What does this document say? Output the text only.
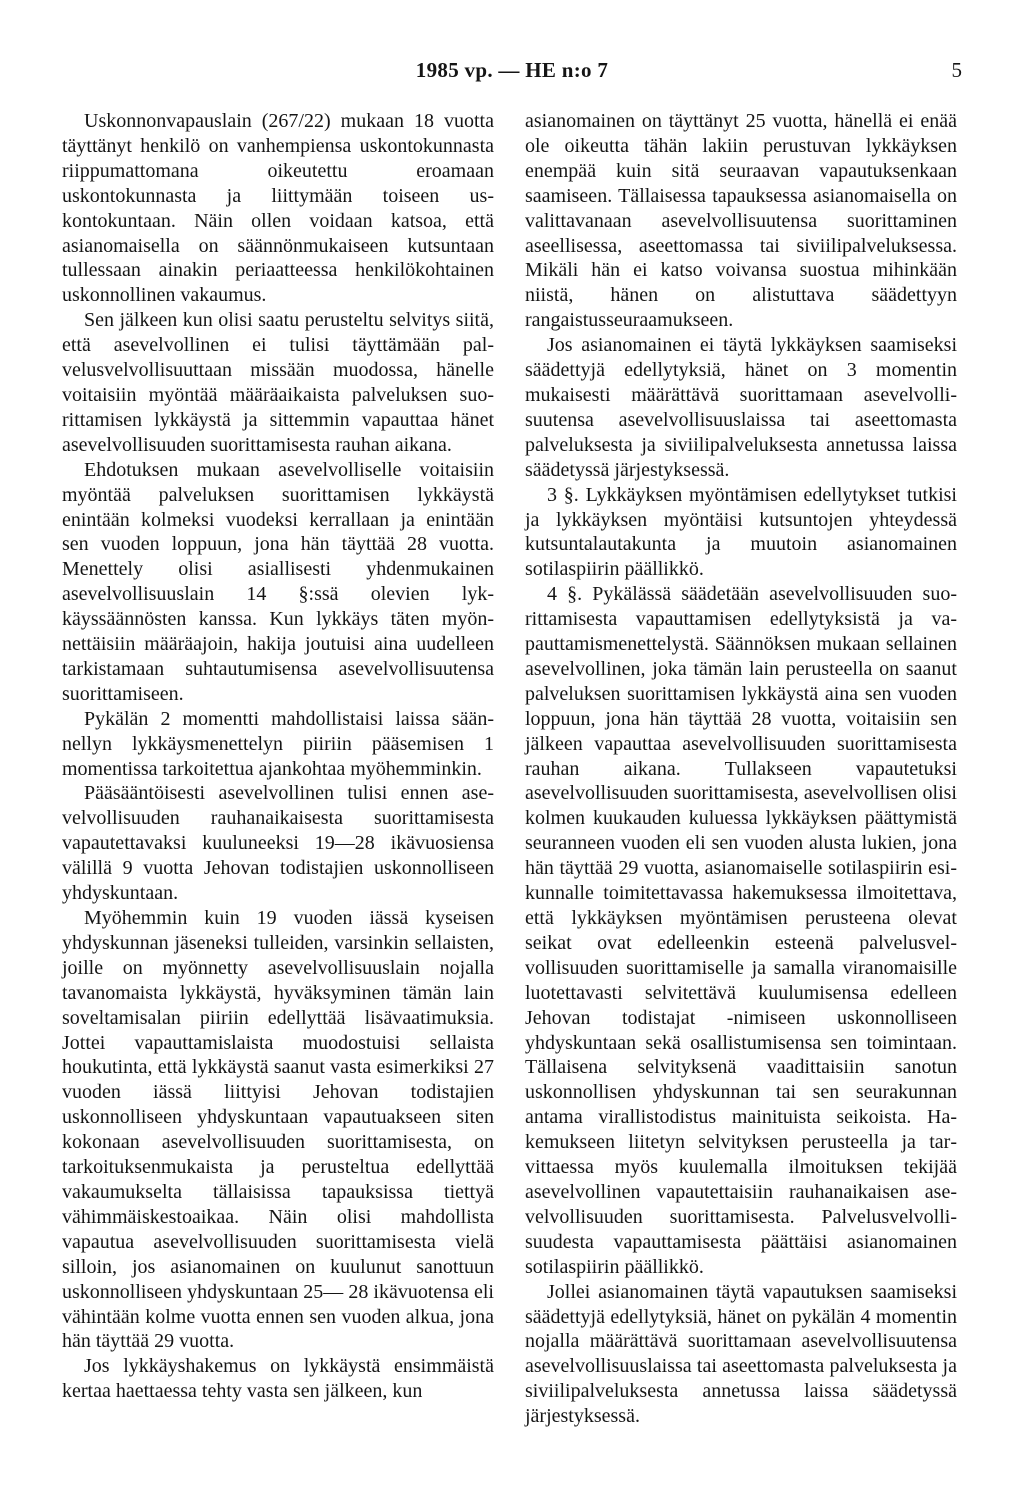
1985 vp. — HE n:o 7	5

Uskonnonvapauslain (267/22) mukaan 18 vuotta täyttänyt henkilö on vanhempiensa uskontokunnasta riippumattomana oikeutettu eroamaan uskontokunnasta ja liittymään toiseen uskontokuntaan. Näin ollen voidaan katsoa, että asianomaisella on säännönmukaiseen kutsuntaan tullessaan ainakin periaatteessa henkilökohtainen uskonnollinen vakaumus.

Sen jälkeen kun olisi saatu perusteltu selvitys siitä, että asevelvollinen ei tulisi täyttämään palvelusvelvollisuuttaan missään muodossa, hänelle voitaisiin myöntää määräaikaista palveluksen suorittamisen lykkäystä ja sittemmin vapauttaa hänet asevelvollisuuden suorittamisesta rauhan aikana.

Ehdotuksen mukaan asevelvolliselle voitaisiin myöntää palveluksen suorittamisen lykkäystä enintään kolmeksi vuodeksi kerrallaan ja enintään sen vuoden loppuun, jona hän täyttää 28 vuotta. Menettely olisi asiallisesti yhdenmukainen asevelvollisuuslain 14 §:ssä olevien lykkäyssäännösten kanssa. Kun lykkäys täten myönnettäisiin määräajoin, hakija joutuisi aina uudelleen tarkistamaan suhtautumisensa asevelvollisuutensa suorittamiseen.

Pykälän 2 momentti mahdollistaisi laissa säännellyn lykkäysmenettelyn piiriin pääsemisen 1 momentissa tarkoitettua ajankohtaa myöhemminkin.

Pääsääntöisesti asevelvollinen tulisi ennen asevelvollisuuden rauhanaikaisesta suorittamisesta vapautettavaksi kuuluneeksi 19—28 ikävuosiensa välillä 9 vuotta Jehovan todistajien uskonnolliseen yhdyskuntaan.

Myöhemmin kuin 19 vuoden iässä kyseisen yhdyskunnan jäseneksi tulleiden, varsinkin sellaisten, joille on myönnetty asevelvollisuuslain nojalla tavanomaista lykkäystä, hyväksyminen tämän lain soveltamisalan piiriin edellyttää lisävaatimuksia. Jottei vapauttamislaista muodostuisi sellaista houkutinta, että lykkäystä saanut vasta esimerkiksi 27 vuoden iässä liittyisi Jehovan todistajien uskonnolliseen yhdyskuntaan vapautuakseen siten kokonaan asevelvollisuuden suorittamisesta, on tarkoituksenmukaista ja perusteltua edellyttää vakaumukselta tällaisissa tapauksissa tiettyä vähimmäiskestoaikaa. Näin olisi mahdollista vapautua asevelvollisuuden suorittamisesta vielä silloin, jos asianomainen on kuulunut sanottuun uskonnolliseen yhdyskuntaan 25— 28 ikävuotensa eli vähintään kolme vuotta ennen sen vuoden alkua, jona hän täyttää 29 vuotta.

Jos lykkäyshakemus on lykkäystä ensimmäistä kertaa haettaessa tehty vasta sen jälkeen, kun

asianomainen on täyttänyt 25 vuotta, hänellä ei enää ole oikeutta tähän lakiin perustuvan lykkäyksen enempää kuin sitä seuraavan vapautuksenkaan saamiseen. Tällaisessa tapauksessa asianomaisella on valittavanaan asevelvollisuutensa suorittaminen aseellisessa, aseettomassa tai siviilipalveluksessa. Mikäli hän ei katso voivansa suostua mihinkään niistä, hänen on alistuttava säädettyyn rangaistusseuraamukseen.

Jos asianomainen ei täytä lykkäyksen saamiseksi säädettyjä edellytyksiä, hänet on 3 momentin mukaisesti määrättävä suorittamaan asevelvollisuutensa asevelvollisuuslaissa tai aseettomasta palveluksesta ja siviilipalveluksesta annetussa laissa säädetyssä järjestyksessä.

3 §. Lykkäyksen myöntämisen edellytykset tutkisi ja lykkäyksen myöntäisi kutsuntojen yhteydessä kutsuntalautakunta ja muutoin asianomainen sotilaspiirin päällikkö.

4 §. Pykälässä säädetään asevelvollisuuden suorittamisesta vapauttamisen edellytyksistä ja vapauttamismenettelystä. Säännöksen mukaan sellainen asevelvollinen, joka tämän lain perusteella on saanut palveluksen suorittamisen lykkäystä aina sen vuoden loppuun, jona hän täyttää 28 vuotta, voitaisiin sen jälkeen vapauttaa asevelvollisuuden suorittamisesta rauhan aikana. Tullakseen vapautetuksi asevelvollisuuden suorittamisesta, asevelvollisen olisi kolmen kuukauden kuluessa lykkäyksen päättymistä seuranneen vuoden eli sen vuoden alusta lukien, jona hän täyttää 29 vuotta, asianomaiselle sotilaspiirin esikunnalle toimitettavassa hakemuksessa ilmoitettava, että lykkäyksen myöntämisen perusteena olevat seikat ovat edelleenkin esteenä palvelusvelvollisuuden suorittamiselle ja samalla viranomaisille luotettavasti selvitettävä kuulumisensa edelleen Jehovan todistajat -nimiseen uskonnolliseen yhdyskuntaan sekä osallistumisensa sen toimintaan. Tällaisena selvityksenä vaadittaisiin sanotun uskonnollisen yhdyskunnan tai sen seurakunnan antama virallistodistus mainituista seikoista. Hakemukseen liitetyn selvityksen perusteella ja tarvittaessa myös kuulemalla ilmoituksen tekijää asevelvollinen vapautettaisiin rauhanaikaisen asevelvollisuuden suorittamisesta. Palvelusvelvollisuudesta vapauttamisesta päättäisi asianomainen sotilaspiirin päällikkö.

Jollei asianomainen täytä vapautuksen saamiseksi säädettyjä edellytyksiä, hänet on pykälän 4 momentin nojalla määrättävä suorittamaan asevelvollisuutensa asevelvollisuuslaissa tai aseettomasta palveluksesta ja siviilipalveluksesta annetussa laissa säädetyssä järjestyksessä.
